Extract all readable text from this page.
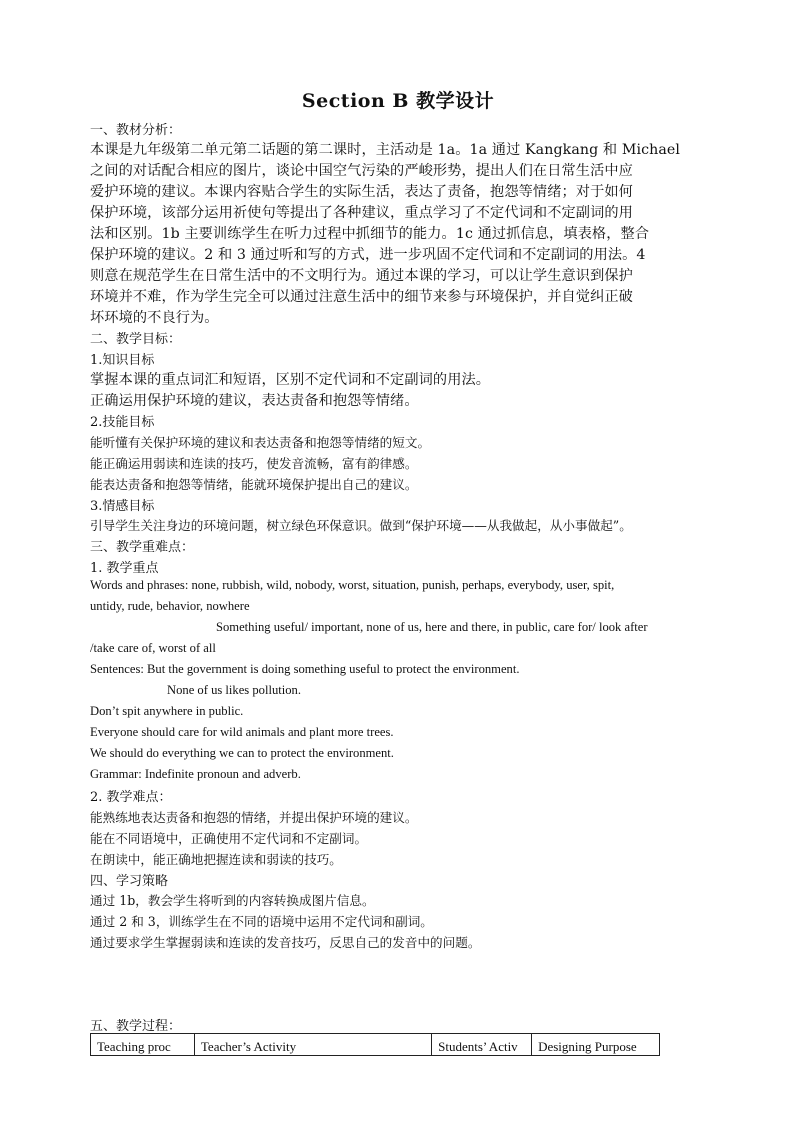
Section B 教学设计
一、教材分析：
本课是九年级第二单元第二话题的第二课时，主活动是 1a。1a 通过 Kangkang 和 Michael
之间的对话配合相应的图片，谈论中国空气污染的严峻形势，提出人们在日常生活中应
爱护环境的建议。本课内容贴合学生的实际生活，表达了责备，抱怨等情绪；对于如何
保护环境，该部分运用祈使句等提出了各种建议，重点学习了不定代词和不定副词的用
法和区别。1b 主要训练学生在听力过程中抓细节的能力。1c 通过抓信息，填表格，整合
保护环境的建议。2 和 3 通过听和写的方式，进一步巩固不定代词和不定副词的用法。4
则意在规范学生在日常生活中的不文明行为。通过本课的学习，可以让学生意识到保护
环境并不难，作为学生完全可以通过注意生活中的细节来参与环境保护，并自觉纠正破
坏环境的不良行为。
二、教学目标：
1.知识目标
掌握本课的重点词汇和短语，区别不定代词和不定副词的用法。
正确运用保护环境的建议，表达责备和抱怨等情绪。
2.技能目标
能听懂有关保护环境的建议和表达责备和抱怨等情绪的短文。
能正确运用弱读和连读的技巧，使发音流畅，富有韵律感。
能表达责备和抱怨等情绪，能就环境保护提出自己的建议。
3.情感目标
引导学生关注身边的环境问题，树立绿色环保意识。做到“保护环境——从我做起，从小事做起”。
三、教学重难点：
1. 教学重点
Words and phrases: none, rubbish, wild, nobody, worst, situation, punish, perhaps, everybody, user, spit,
untidy, rude, behavior, nowhere
Something useful/ important, none of us, here and there, in public, care for/ look after
/take care of, worst of all
Sentences: But the government is doing something useful to protect the environment.
None of us likes pollution.
Don’t spit anywhere in public.
Everyone should care for wild animals and plant more trees.
We should do everything we can to protect the environment.
Grammar: Indefinite pronoun and adverb.
2. 教学难点：
能熟练地表达责备和抱怨的情绪，并提出保护环境的建议。
能在不同语境中，正确使用不定代词和不定副词。
在朗读中，能正确地把握连读和弱读的技巧。
四、学习策略
通过 1b，教会学生将听到的内容转换成图片信息。
通过 2 和 3，训练学生在不同的语境中运用不定代词和副词。
通过要求学生掌握弱读和连读的发音技巧，反思自己的发音中的问题。
五、教学过程：
Teaching proc	Teacher’s Activity	Students’ Activ	Designing Purpose
